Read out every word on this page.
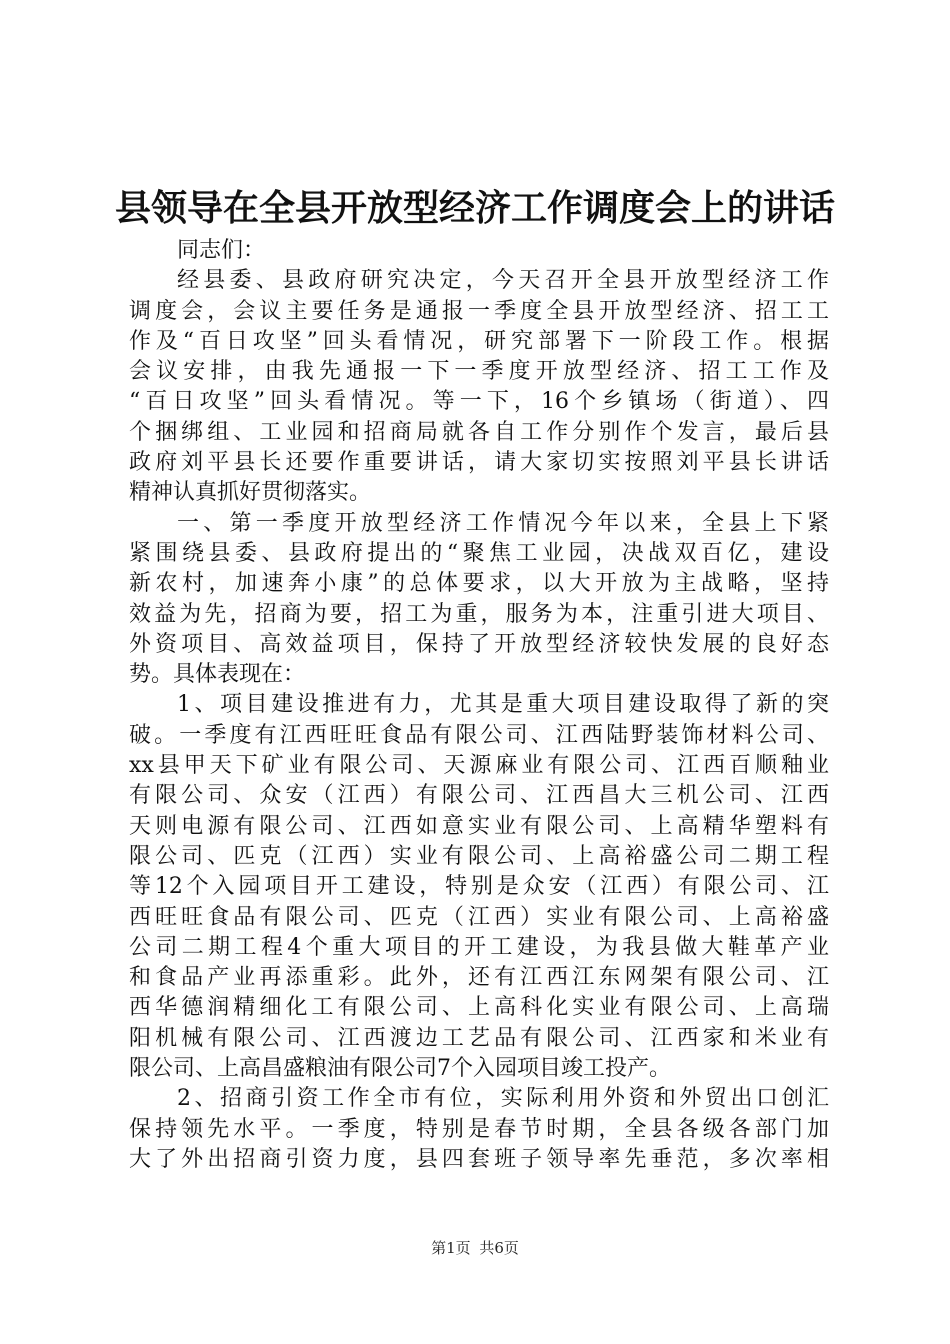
县领导在全县开放型经济工作调度会上的讲话
同志们：
经县委、县政府研究决定，今天召开全县开放型经济工作
调度会，会议主要任务是通报一季度全县开放型经济、招工工
作及“百日攻坚”回头看情况，研究部署下一阶段工作。根据
会议安排，由我先通报一下一季度开放型经济、招工工作及
“百日攻坚”回头看情况。等一下，16个乡镇场（街道）、四
个捆绑组、工业园和招商局就各自工作分别作个发言，最后县
政府刘平县长还要作重要讲话，请大家切实按照刘平县长讲话
精神认真抓好贯彻落实。
一、第一季度开放型经济工作情况今年以来，全县上下紧
紧围绕县委、县政府提出的“聚焦工业园，决战双百亿，建设
新农村，加速奔小康”的总体要求，以大开放为主战略，坚持
效益为先，招商为要，招工为重，服务为本，注重引进大项目、
外资项目、高效益项目，保持了开放型经济较快发展的良好态
势。具体表现在：
1、项目建设推进有力，尤其是重大项目建设取得了新的突
破。一季度有江西旺旺食品有限公司、江西陆野装饰材料公司、
xx县甲天下矿业有限公司、天源麻业有限公司、江西百顺釉业
有限公司、众安（江西）有限公司、江西昌大三机公司、江西
天则电源有限公司、江西如意实业有限公司、上高精华塑料有
限公司、匹克（江西）实业有限公司、上高裕盛公司二期工程
等12个入园项目开工建设，特别是众安（江西）有限公司、江
西旺旺食品有限公司、匹克（江西）实业有限公司、上高裕盛
公司二期工程4个重大项目的开工建设，为我县做大鞋革产业
和食品产业再添重彩。此外，还有江西江东网架有限公司、江
西华德润精细化工有限公司、上高科化实业有限公司、上高瑞
阳机械有限公司、江西渡边工艺品有限公司、江西家和米业有
限公司、上高昌盛粮油有限公司7个入园项目竣工投产。
2、招商引资工作全市有位，实际利用外资和外贸出口创汇
保持领先水平。一季度，特别是春节时期，全县各级各部门加
大了外出招商引资力度，县四套班子领导率先垂范，多次率相
第1页 共6页
